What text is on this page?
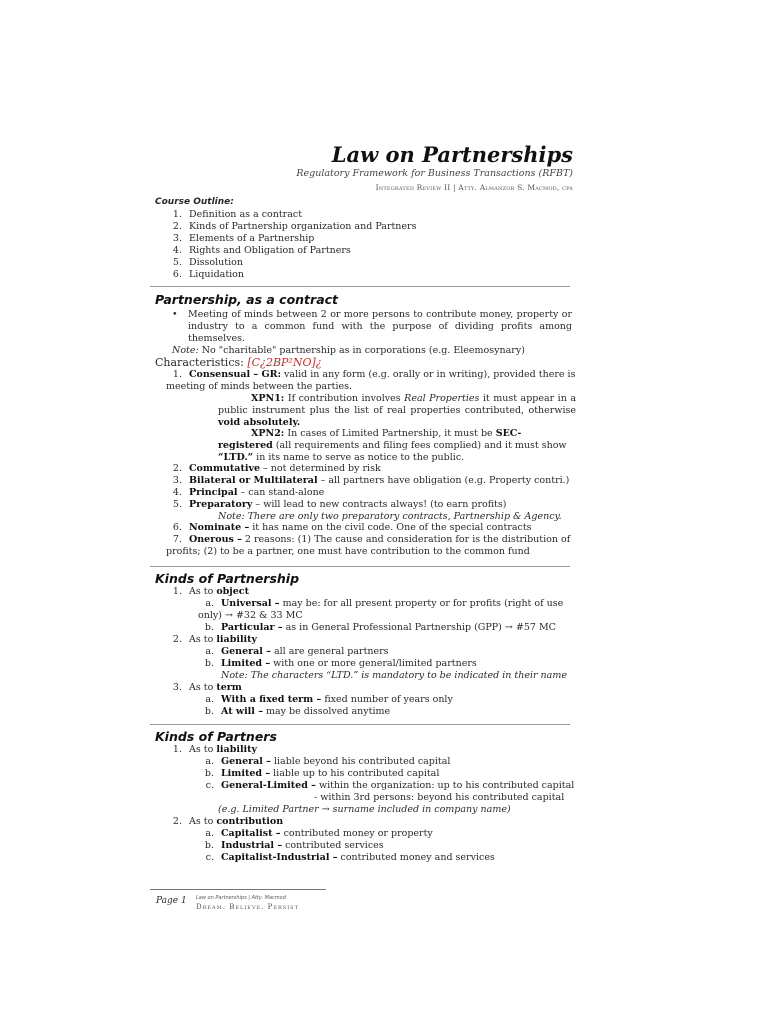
Law on Partnerships
Regulatory Framework for Business Transactions (RFBT)
Integrated Review II | Atty. Almanzor S. Macmod, cpa
Course Outline:
1. Definition as a contract
2. Kinds of Partnership organization and Partners
3. Elements of a Partnership
4. Rights and Obligation of Partners
5. Dissolution
6. Liquidation
Partnership, as a contract
• Meeting of minds between 2 or more persons to contribute money, property or industry to a common fund with the purpose of dividing profits among themselves.
Note: No "charitable" partnership as in corporations (e.g. Eleemosynary)
Characteristics: [C¿2BP²NO]¿
1. Consensual – GR: valid in any form (e.g. orally or in writing), provided there is meeting of minds between the parties.
XPN1: If contribution involves Real Properties it must appear in a public instrument plus the list of real properties contributed, otherwise void absolutely.
XPN2: In cases of Limited Partnership, it must be SEC-registered (all requirements and filing fees complied) and it must show “LTD.” in its name to serve as notice to the public.
2. Commutative – not determined by risk
3. Bilateral or Multilateral – all partners have obligation (e.g. Property contri.)
4. Principal – can stand-alone
5. Preparatory – will lead to new contracts always! (to earn profits)
Note: There are only two preparatory contracts, Partnership & Agency.
6. Nominate – it has name on the civil code. One of the special contracts
7. Onerous – 2 reasons: (1) The cause and consideration for is the distribution of profits; (2) to be a partner, one must have contribution to the common fund
Kinds of Partnership
1. As to object
a. Universal – may be: for all present property or for profits (right of use only) → #32 & 33 MC
b. Particular – as in General Professional Partnership (GPP) → #57 MC
2. As to liability
a. General – all are general partners
b. Limited – with one or more general/limited partners
Note: The characters “LTD.” is mandatory to be indicated in their name
3. As to term
a. With a fixed term – fixed number of years only
b. At will – may be dissolved anytime
Kinds of Partners
1. As to liability
a. General – liable beyond his contributed capital
b. Limited – liable up to his contributed capital
c. General-Limited – within the organization: up to his contributed capital
- within 3rd persons: beyond his contributed capital
(e.g. Limited Partner → surname included in company name)
2. As to contribution
a. Capitalist – contributed money or property
b. Industrial – contributed services
c. Capitalist-Industrial – contributed money and services
Page 1 Law on Partnerships | Atty. Macmod
Dream. Believe. Persist
